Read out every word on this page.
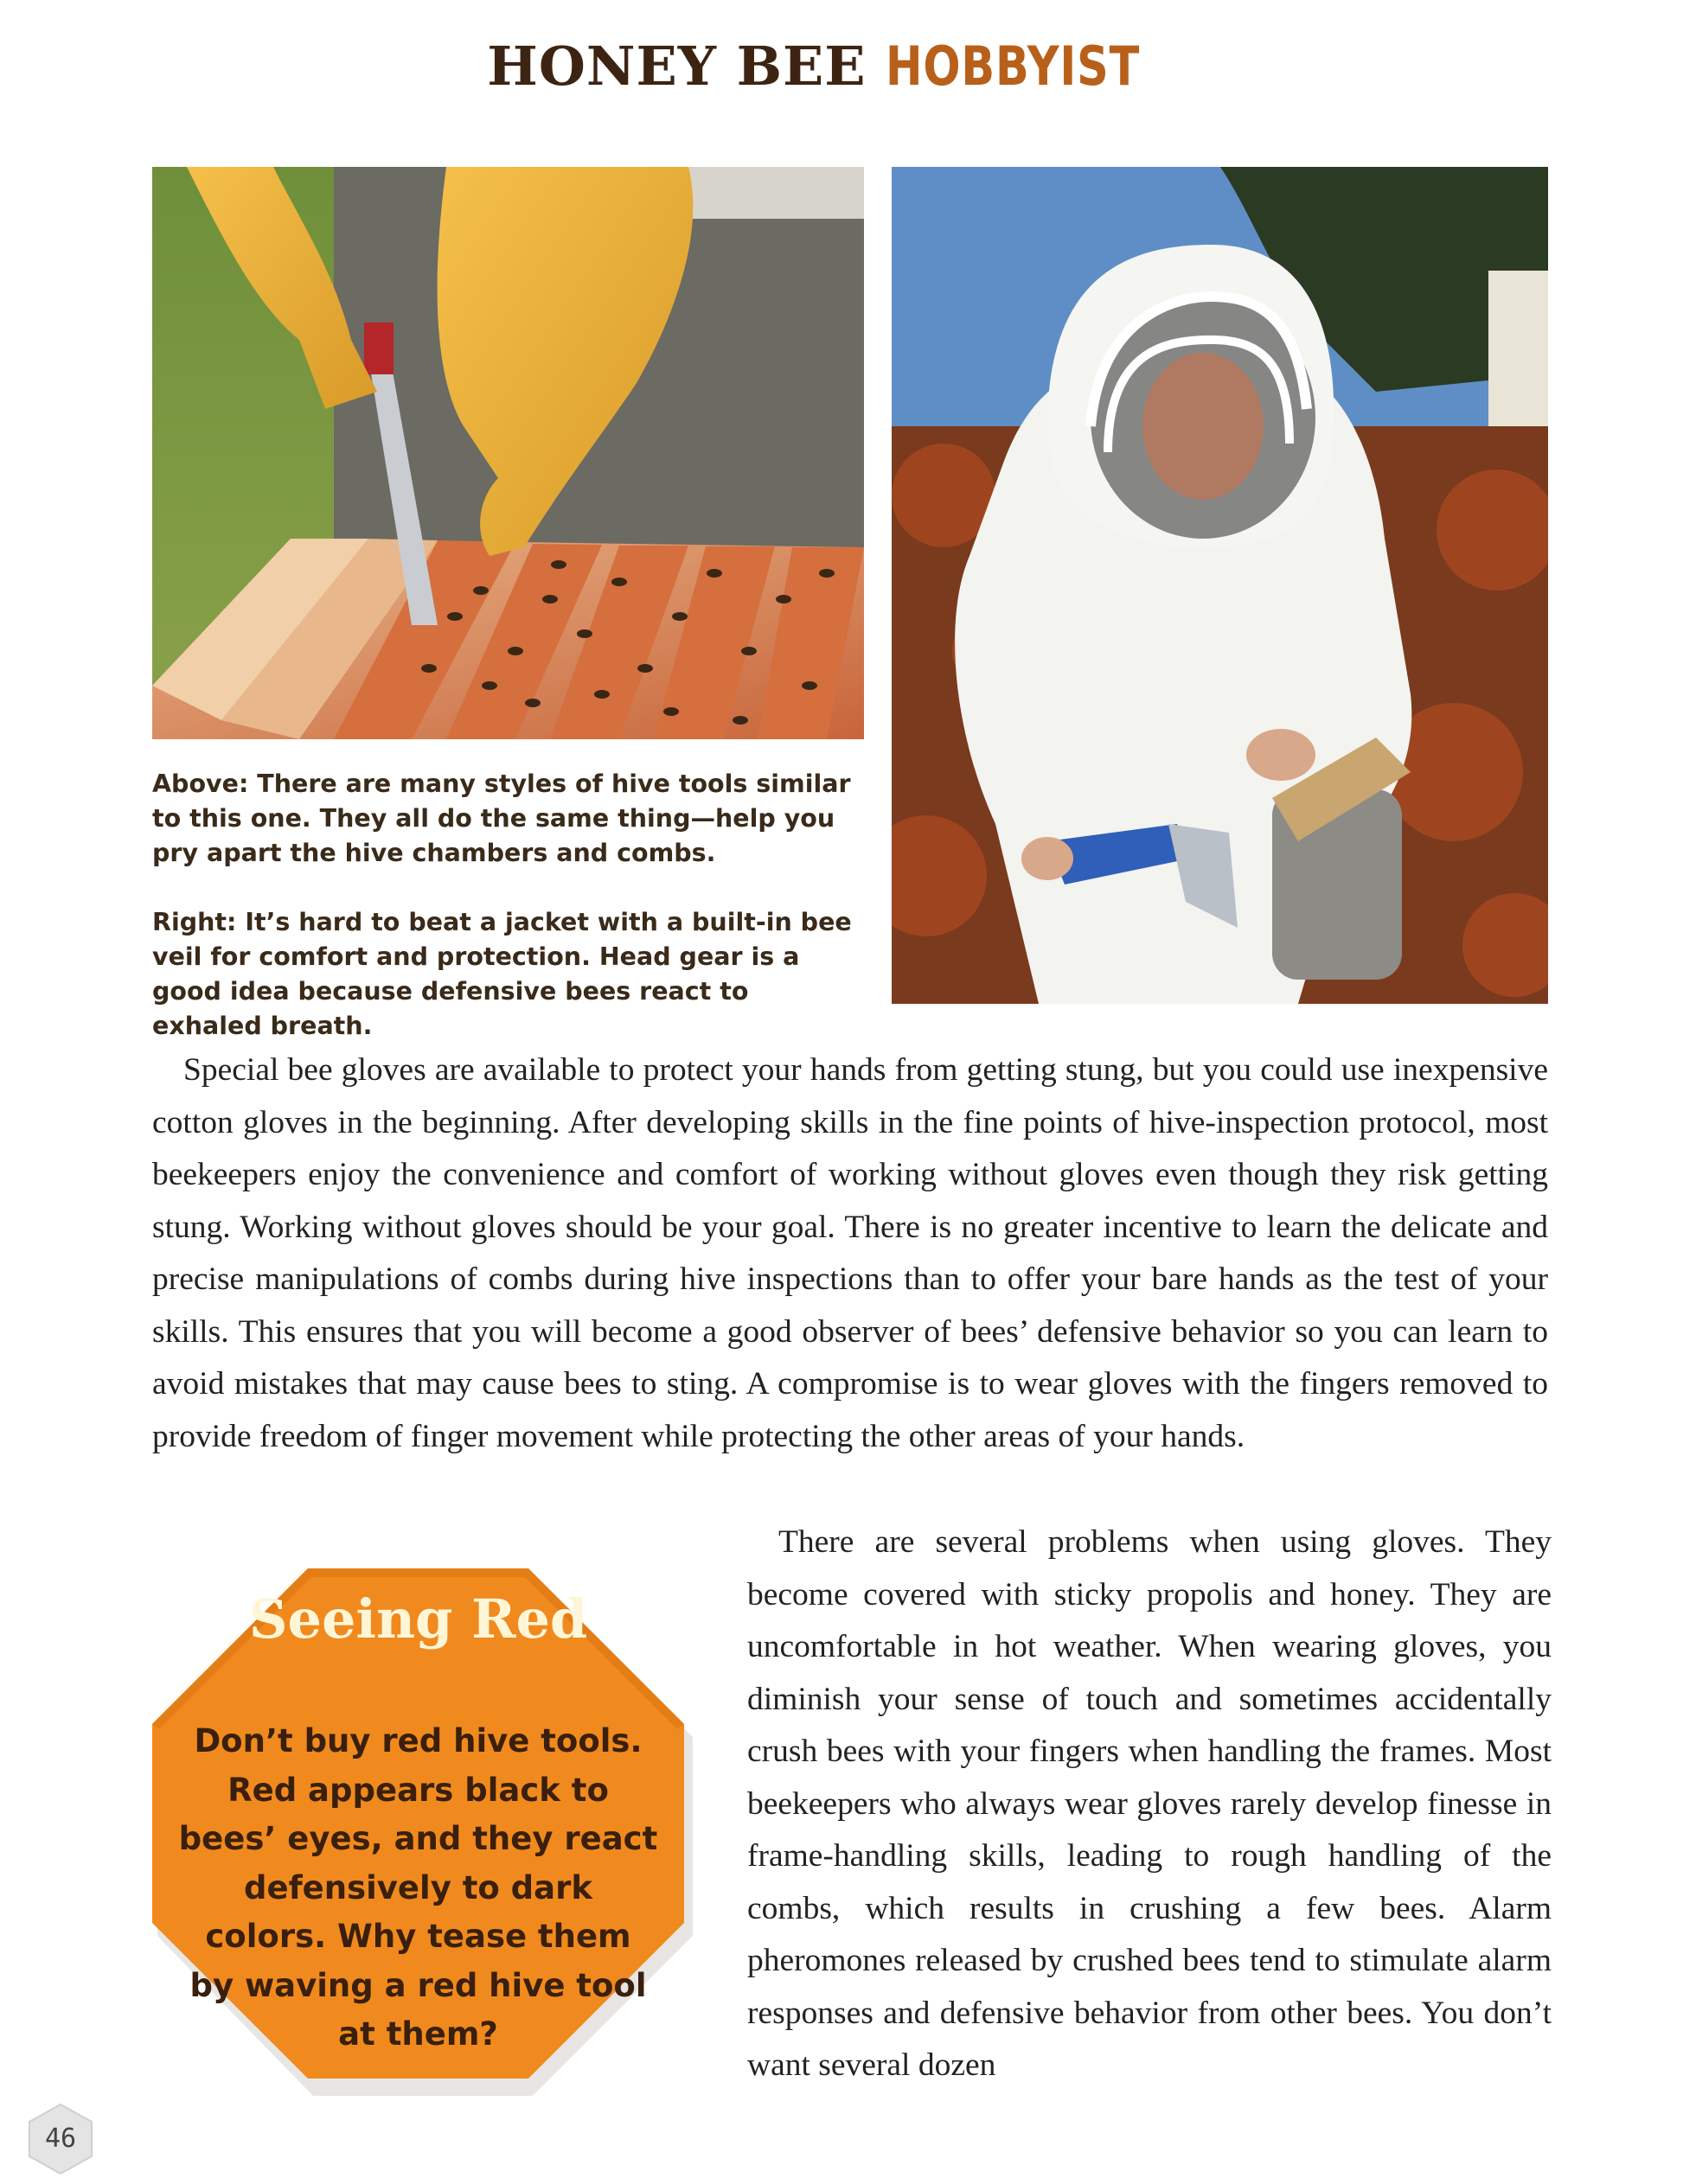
HONEY BEE HOBBYIST
Above: There are many styles of hive tools similar to this one. They all do the same thing—help you pry apart the hive chambers and combs.
Right: It’s hard to beat a jacket with a built-in bee veil for comfort and protection. Head gear is a good idea because defensive bees react to exhaled breath.
Special bee gloves are available to protect your hands from getting stung, but you could use inexpensive cotton gloves in the beginning. After developing skills in the fine points of hive-inspection protocol, most beekeepers enjoy the convenience and comfort of working without gloves even though they risk getting stung. Working without gloves should be your goal. There is no greater incentive to learn the delicate and precise manipulations of combs during hive inspections than to offer your bare hands as the test of your skills. This ensures that you will become a good observer of bees’ defensive behavior so you can learn to avoid mistakes that may cause bees to sting. A compromise is to wear gloves with the fingers removed to provide freedom of finger movement while protecting the other areas of your hands.
There are several problems when using gloves. They become covered with sticky propolis and honey. They are uncomfortable in hot weather. When wearing gloves, you diminish your sense of touch and sometimes accidentally crush bees with your fingers when handling the frames. Most beekeepers who always wear gloves rarely develop finesse in frame-handling skills, leading to rough handling of the combs, which results in crushing a few bees. Alarm pheromones released by crushed bees tend to stimulate alarm responses and defensive behavior from other bees. You don’t want several dozen
Seeing Red
Don’t buy red hive tools. Red appears black to bees’ eyes, and they react defensively to dark colors. Why tease them by waving a red hive tool at them?
46
